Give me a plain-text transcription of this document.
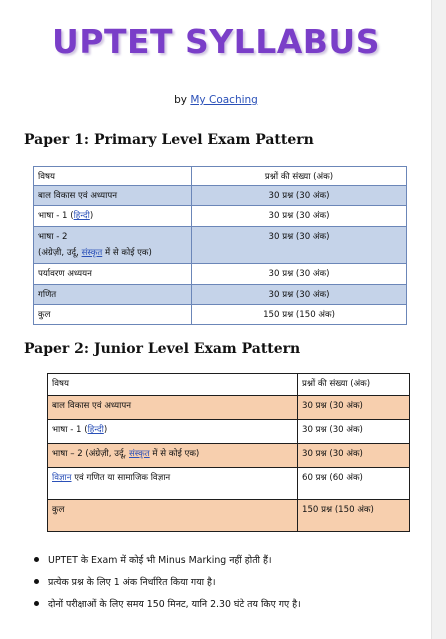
UPTET SYLLABUS
by My Coaching
Paper 1: Primary Level Exam Pattern
विषय	प्रश्नों की संख्या (अंक)
बाल विकास एवं अध्यापन	30 प्रश्न (30 अंक)
भाषा - 1 (हिन्दी)	30 प्रश्न (30 अंक)

भाषा - 2
(अंग्रेज़ी, उर्दू, संस्कृत में से कोई एक)	30 प्रश्न (30 अंक)
पर्यावरण अध्ययन	30 प्रश्न (30 अंक)
गणित	30 प्रश्न (30 अंक)
कुल	150 प्रश्न (150 अंक)
Paper 2: Junior Level Exam Pattern
विषय	प्रश्नों की संख्या (अंक)
बाल विकास एवं अध्यापन	30 प्रश्न (30 अंक)
भाषा - 1 (हिन्दी)	30 प्रश्न (30 अंक)
भाषा – 2 (अंग्रेज़ी, उर्दू, संस्कृत में से कोई एक)	30 प्रश्न (30 अंक)
विज्ञान एवं गणित या सामाजिक विज्ञान	60 प्रश्न (60 अंक)
कुल	150 प्रश्न (150 अंक)
UPTET के Exam में कोई भी Minus Marking नहीं होती हैं।
प्रत्येक प्रश्न के लिए 1 अंक निर्धारित किया गया है।
दोनों परीक्षाओं के लिए समय 150 मिनट, यानि 2.30 घंटे तय किए गए है।
